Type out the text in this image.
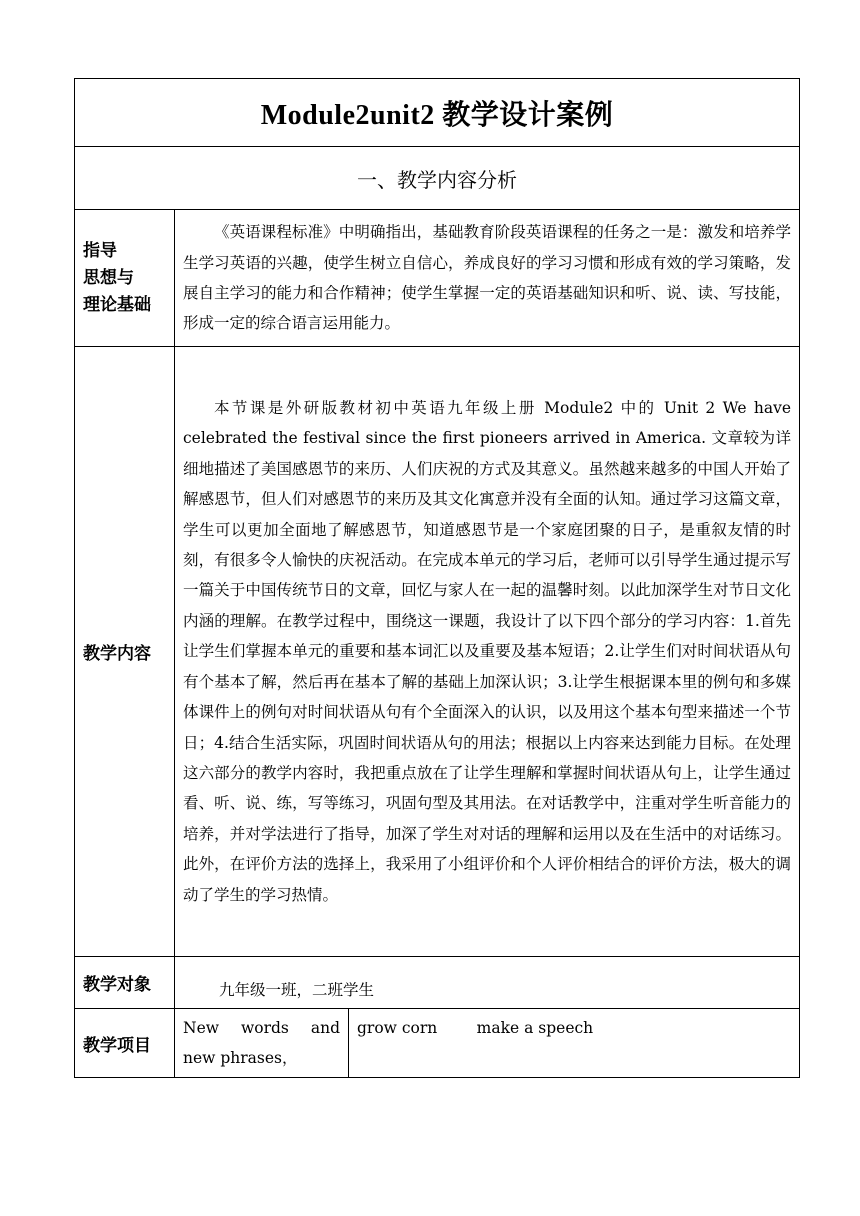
Module2unit2 教学设计案例		
一、教学内容分析		

指导
思想与
理论基础	《英语课程标准》中明确指出，基础教育阶段英语课程的任务之一是：激发和培养学生学习英语的兴趣，使学生树立自信心，养成良好的学习习惯和形成有效的学习策略，发展自主学习的能力和合作精神；使学生掌握一定的英语基础知识和听、说、读、写技能，形成一定的综合语言运用能力。	

教学内容	本节课是外研版教材初中英语九年级上册 Module2 中的 Unit 2 We have celebrated the festival since the first pioneers arrived in America. 文章较为详细地描述了美国感恩节的来历、人们庆祝的方式及其意义。虽然越来越多的中国人开始了解感恩节，但人们对感恩节的来历及其文化寓意并没有全面的认知。通过学习这篇文章，学生可以更加全面地了解感恩节，知道感恩节是一个家庭团聚的日子，是重叙友情的时刻，有很多令人愉快的庆祝活动。在完成本单元的学习后，老师可以引导学生通过提示写一篇关于中国传统节日的文章，回忆与家人在一起的温馨时刻。以此加深学生对节日文化内涵的理解。在教学过程中，围绕这一课题，我设计了以下四个部分的学习内容：1.首先让学生们掌握本单元的重要和基本词汇以及重要及基本短语；2.让学生们对时间状语从句有个基本了解，然后再在基本了解的基础上加深认识；3.让学生根据课本里的例句和多媒体课件上的例句对时间状语从句有个全面深入的认识，以及用这个基本句型来描述一个节日；4.结合生活实际，巩固时间状语从句的用法；根据以上内容来达到能力目标。在处理这六部分的教学内容时，我把重点放在了让学生理解和掌握时间状语从句上，让学生通过看、听、说、练，写等练习，巩固句型及其用法。在对话教学中，注重对学生听音能力的培养，并对学法进行了指导，加深了学生对对话的理解和运用以及在生活中的对话练习。此外，在评价方法的选择上，我采用了小组评价和个人评价相结合的评价方法，极大的调动了学生的学习热情。	

教学对象	九年级一班，二班学生	
教学项目	New words and new phrases，	grow corn        make a speech
